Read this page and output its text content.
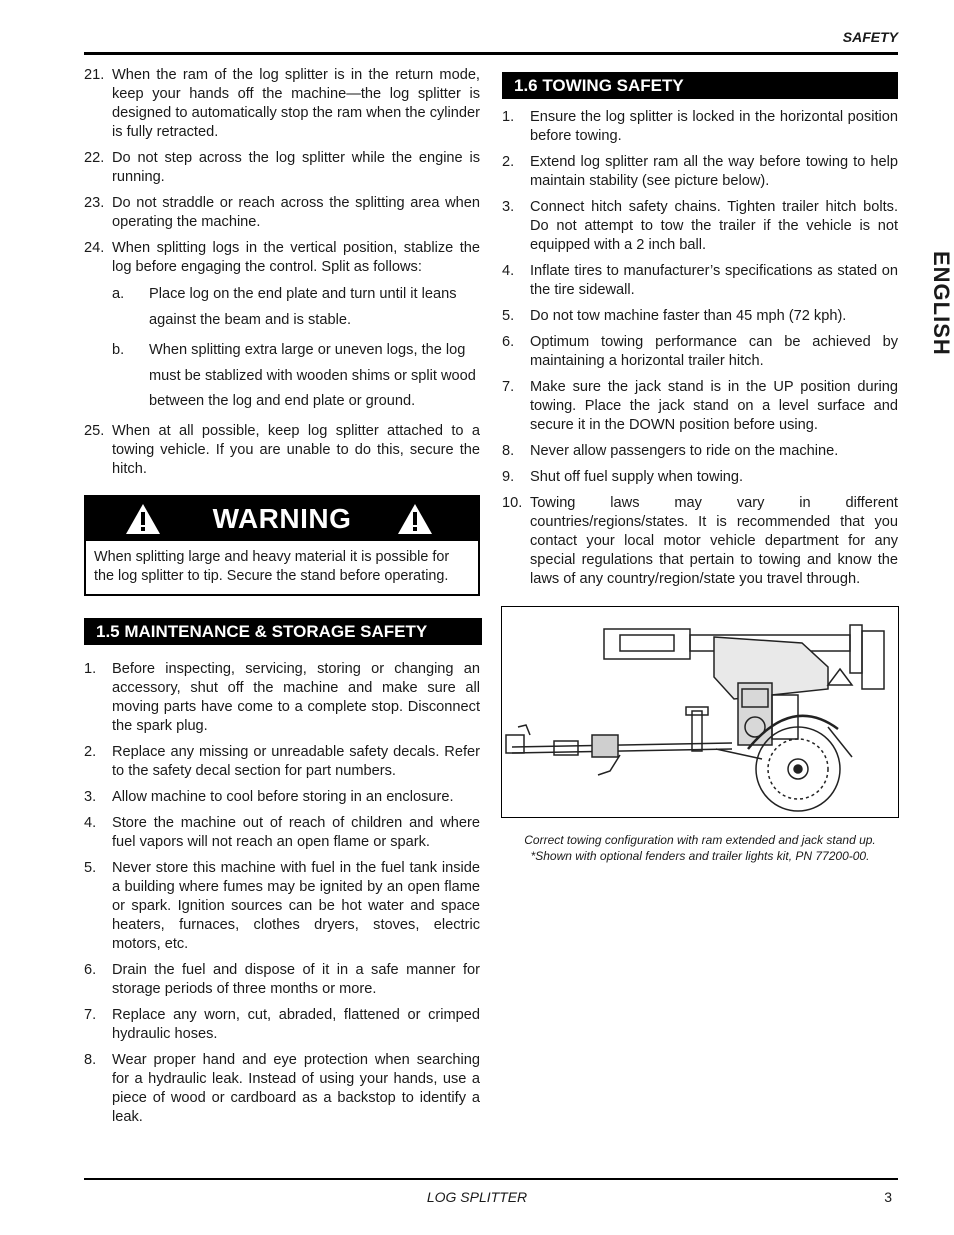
SAFETY
ENGLISH
21. When the ram of the log splitter is in the return mode, keep your hands off the machine—the log splitter is designed to automatically stop the ram when the cylinder is fully retracted.
22. Do not step across the log splitter while the engine is running.
23. Do not straddle or reach across the splitting area when operating the machine.
24. When splitting logs in the vertical position, stablize the log before engaging the control. Split as follows:
a. Place log on the end plate and turn until it leans against the beam and is stable.
b. When splitting extra large or uneven logs, the log must be stablized with wooden shims or split wood between the log and end plate or ground.
25. When at all possible, keep log splitter attached to a towing vehicle. If you are unable to do this, secure the hitch.
WARNING
When splitting large and heavy material it is possible for the log splitter to tip. Secure the stand before operating.
1.5 MAINTENANCE & STORAGE SAFETY
1. Before inspecting, servicing, storing or changing an accessory, shut off the machine and make sure all moving parts have come to a complete stop. Disconnect the spark plug.
2. Replace any missing or unreadable safety decals. Refer to the safety decal section for part numbers.
3. Allow machine to cool before storing in an enclosure.
4. Store the machine out of reach of children and where fuel vapors will not reach an open flame or spark.
5. Never store this machine with fuel in the fuel tank inside a building where fumes may be ignited by an open flame or spark. Ignition sources can be hot water and space heaters, furnaces, clothes dryers, stoves, electric motors, etc.
6. Drain the fuel and dispose of it in a safe manner for storage periods of three months or more.
7. Replace any worn, cut, abraded, flattened or crimped hydraulic hoses.
8. Wear proper hand and eye protection when searching for a hydraulic leak. Instead of using your hands, use a piece of wood or cardboard as a backstop to identify a leak.
1.6 TOWING SAFETY
1. Ensure the log splitter is locked in the horizontal position before towing.
2. Extend log splitter ram all the way before towing to help maintain stability (see picture below).
3. Connect hitch safety chains. Tighten trailer hitch bolts. Do not attempt to tow the trailer if the vehicle is not equipped with a 2 inch ball.
4. Inflate tires to manufacturer’s specifications as stated on the tire sidewall.
5. Do not tow machine faster than 45 mph (72 kph).
6. Optimum towing performance can be achieved by maintaining a horizontal trailer hitch.
7. Make sure the jack stand is in the UP position during towing. Place the jack stand on a level surface and secure it in the DOWN position before using.
8. Never allow passengers to ride on the machine.
9. Shut off fuel supply when towing.
10. Towing laws may vary in different countries/regions/states. It is recommended that you contact your local motor vehicle department for any special regulations that pertain to towing and know the laws of any country/region/state you travel through.
Correct towing configuration with ram extended and jack stand up.
*Shown with optional fenders and trailer lights kit, PN 77200-00.
LOG SPLITTER	3
